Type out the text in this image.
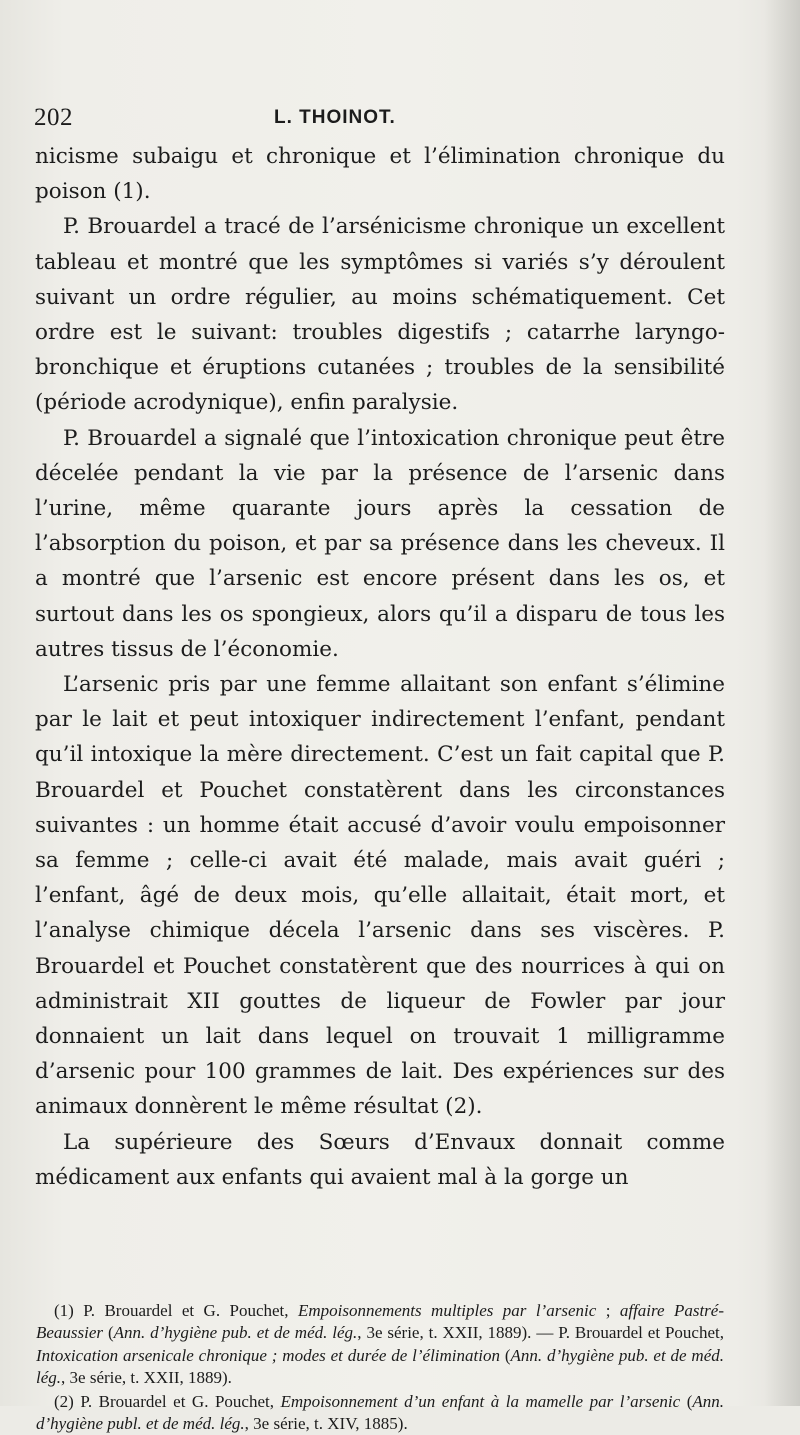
202	L. THOINOT.

nicisme subaigu et chronique et l’élimination chronique du poison (1).

P. Brouardel a tracé de l’arsénicisme chronique un excellent tableau et montré que les symptômes si variés s’y déroulent suivant un ordre régulier, au moins schématiquement. Cet ordre est le suivant: troubles digestifs ; catarrhe laryngo-bronchique et éruptions cutanées ; troubles de la sensibilité (période acrodynique), enfin paralysie.

P. Brouardel a signalé que l’intoxication chronique peut être décelée pendant la vie par la présence de l’arsenic dans l’urine, même quarante jours après la cessation de l’absorption du poison, et par sa présence dans les cheveux. Il a montré que l’arsenic est encore présent dans les os, et surtout dans les os spongieux, alors qu’il a disparu de tous les autres tissus de l’économie.

L’arsenic pris par une femme allaitant son enfant s’élimine par le lait et peut intoxiquer indirectement l’enfant, pendant qu’il intoxique la mère directement. C’est un fait capital que P. Brouardel et Pouchet constatèrent dans les circonstances suivantes : un homme était accusé d’avoir voulu empoisonner sa femme ; celle-ci avait été malade, mais avait guéri ; l’enfant, âgé de deux mois, qu’elle allaitait, était mort, et l’analyse chimique décela l’arsenic dans ses viscères. P. Brouardel et Pouchet constatèrent que des nourrices à qui on administrait XII gouttes de liqueur de Fowler par jour donnaient un lait dans lequel on trouvait 1 milligramme d’arsenic pour 100 grammes de lait. Des expériences sur des animaux donnèrent le même résultat (2).

La supérieure des Sœurs d’Envaux donnait comme médicament aux enfants qui avaient mal à la gorge un

(1) P. Brouardel et G. Pouchet, Empoisonnements multiples par l’arsenic ; affaire Pastré-Beaussier (Ann. d’hygiène pub. et de méd. lég., 3e série, t. XXII, 1889). — P. Brouardel et Pouchet, Intoxication arsenicale chronique ; modes et durée de l’élimination (Ann. d’hygiène pub. et de méd. lég., 3e série, t. XXII, 1889).

(2) P. Brouardel et G. Pouchet, Empoisonnement d’un enfant à la mamelle par l’arsenic (Ann. d’hygiène publ. et de méd. lég., 3e série, t. XIV, 1885).
